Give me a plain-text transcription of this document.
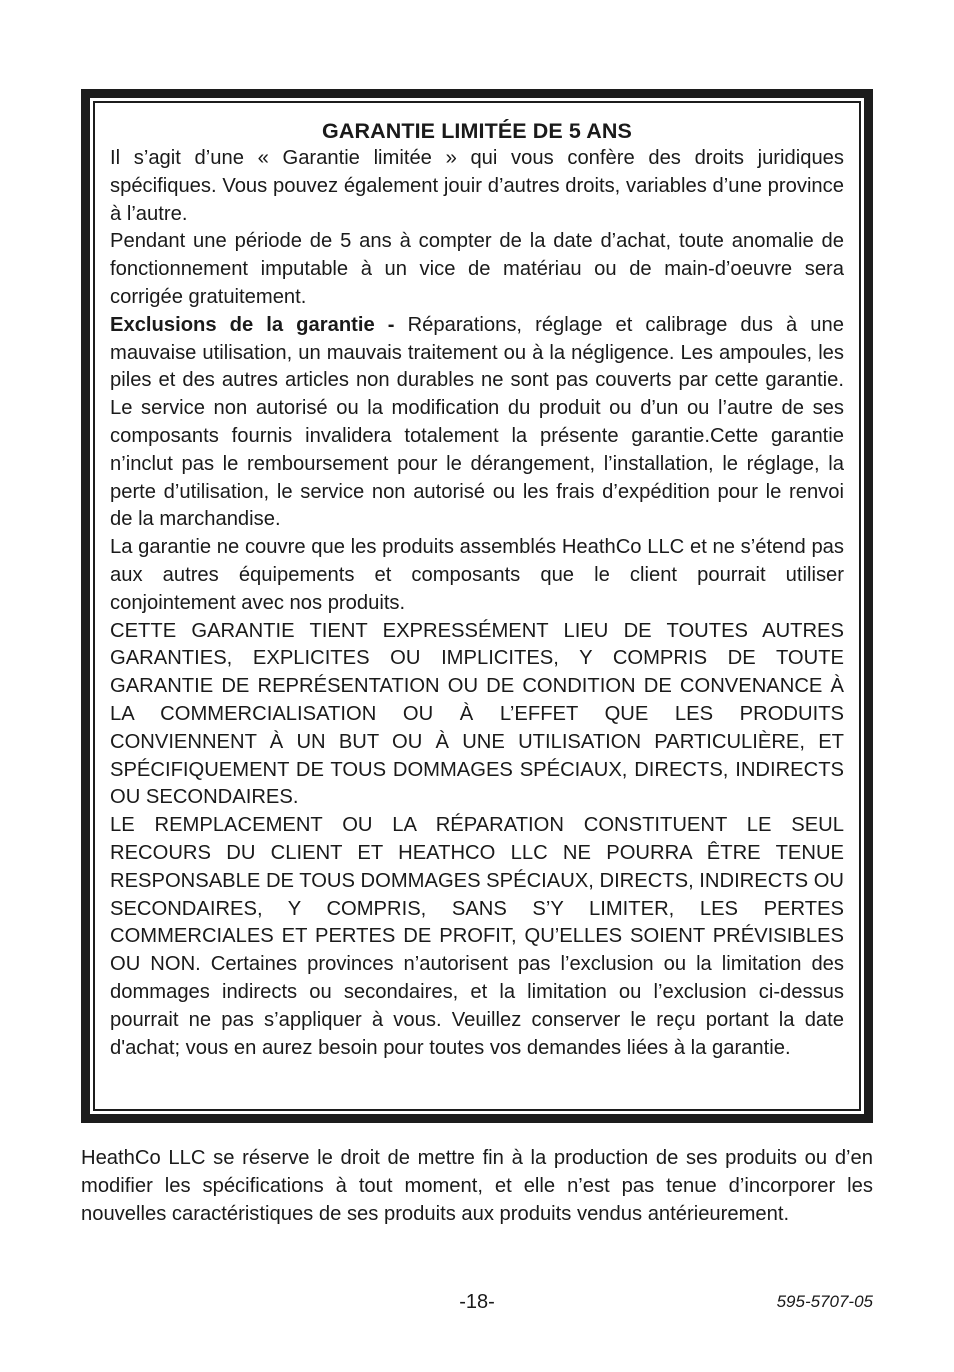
GARANTIE LIMITÉE DE 5 ANS

Il s’agit d’une « Garantie limitée » qui vous confère des droits juridiques spécifiques. Vous pouvez également jouir d’autres droits, variables d’une province à l’autre.

Pendant une période de 5 ans à compter de la date d’achat, toute anomalie de fonctionnement imputable à un vice de matériau ou de main-d’oeuvre sera corrigée gratuitement.

Exclusions de la garantie - Réparations, réglage et calibrage dus à une mauvaise utilisation, un mauvais traitement ou à la négligence. Les ampoules, les piles et des autres articles non durables ne sont pas couverts par cette garantie. Le service non autorisé ou la modification du produit ou d’un ou l’autre de ses composants fournis invalidera totalement la présente garantie.Cette garantie n’inclut pas le remboursement pour le dérangement, l’installation, le réglage, la perte d’utilisation, le service non autorisé ou les frais d’expédition pour le renvoi de la marchandise.

La garantie ne couvre que les produits assemblés HeathCo LLC et ne s’étend pas aux autres équipements et composants que le client pourrait utiliser conjointement avec nos produits.

CETTE GARANTIE TIENT EXPRESSÉMENT LIEU DE TOUTES AUTRES GARANTIES, EXPLICITES OU IMPLICITES, Y COMPRIS DE TOUTE GARANTIE DE REPRÉSENTATION OU DE CONDITION DE CONVENANCE À LA COMMERCIALISATION OU À L’EFFET QUE LES PRODUITS CONVIENNENT À UN BUT OU À UNE UTILISATION PARTICULIÈRE, ET SPÉCIFIQUEMENT DE TOUS DOMMAGES SPÉCIAUX, DIRECTS, INDIRECTS OU SECONDAIRES.

LE REMPLACEMENT OU LA RÉPARATION CONSTITUENT LE SEUL RECOURS DU CLIENT ET HEATHCO LLC NE POURRA ÊTRE TENUE RESPONSABLE DE TOUS DOMMAGES SPÉCIAUX, DIRECTS, INDIRECTS OU SECONDAIRES, Y COMPRIS, SANS S’Y LIMITER, LES PERTES COMMERCIALES ET PERTES DE PROFIT, QU’ELLES SOIENT PRÉVISIBLES OU NON. Certaines provinces n’autorisent pas l’exclusion ou la limitation des dommages indirects ou secondaires, et la limitation ou l’exclusion ci-dessus pourrait ne pas s’appliquer à vous. Veuillez conserver le reçu portant la date d'achat; vous en aurez besoin pour toutes vos demandes liées à la garantie.

HeathCo LLC se réserve le droit de mettre fin à la production de ses produits ou d’en modifier les spécifications à tout moment, et elle n’est pas tenue d’incorporer les nouvelles caractéristiques de ses produits aux produits vendus antérieurement.

-18-	595-5707-05
